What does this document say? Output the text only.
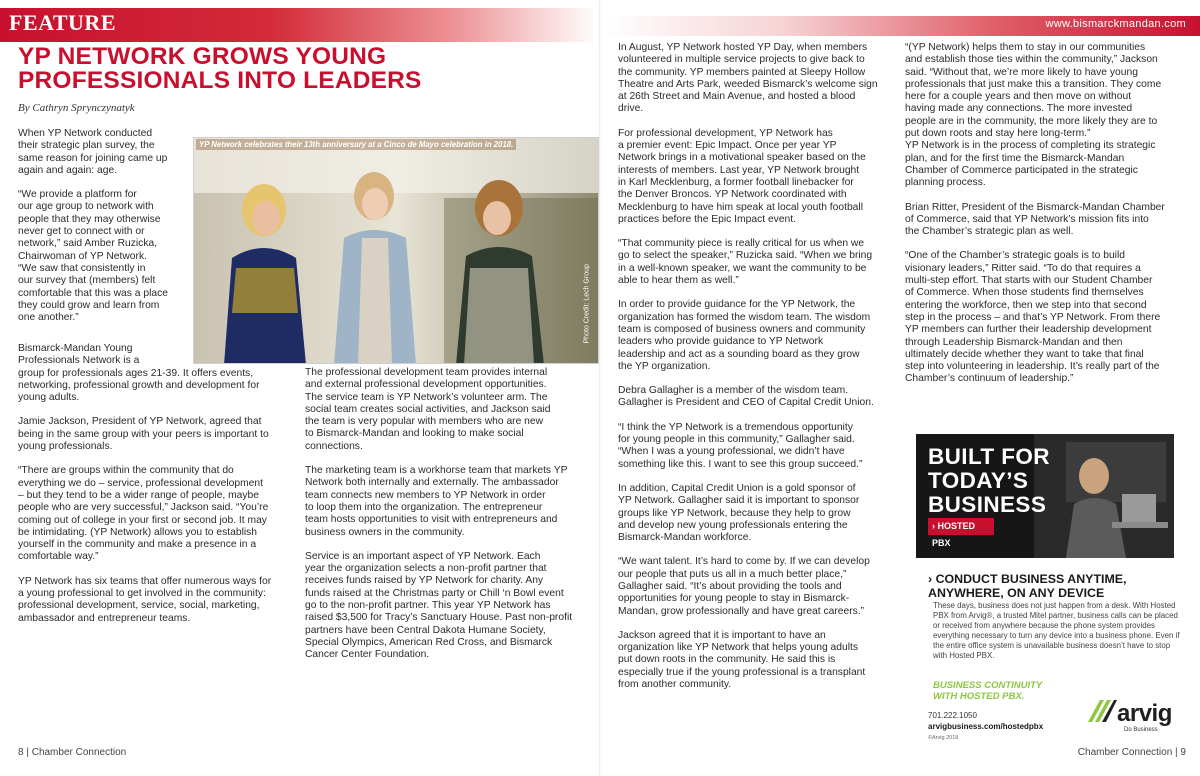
FEATURE	www.bismarckmandan.com
YP NETWORK GROWS YOUNG
PROFESSIONALS INTO LEADERS
By Cathryn Sprynczynatyk

When YP Network conducted
their strategic plan survey, the
same reason for joining came up
again and again: age.

“We provide a platform for
our age group to network with
people that they may otherwise
never get to connect with or
network,” said Amber Ruzicka,
Chairwoman of YP Network.
“We saw that consistently in
our survey that (members) felt
comfortable that this was a place
they could grow and learn from
one another.”

YP Network celebrates their 13th anniversary at a Cinco de Mayo celebration in 2018.
Photo Credit: Lech Group

Bismarck-Mandan Young
Professionals Network is a
group for professionals ages 21-39. It offers events,
networking, professional growth and development for
young adults.

Jamie Jackson, President of YP Network, agreed that
being in the same group with your peers is important to
young professionals.

“There are groups within the community that do
everything we do – service, professional development
– but they tend to be a wider range of people, maybe
people who are very successful,” Jackson said. “You’re
coming out of college in your first or second job. It may
be intimidating. (YP Network) allows you to establish
yourself in the community and make a presence in a
comfortable way.”

YP Network has six teams that offer numerous ways for
a young professional to get involved in the community:
professional development, service, social, marketing,
ambassador and entrepreneur teams.

The professional development team provides internal
and external professional development opportunities.
The service team is YP Network’s volunteer arm. The
social team creates social activities, and Jackson said
the team is very popular with members who are new
to Bismarck-Mandan and looking to make social
connections.

The marketing team is a workhorse team that markets YP
Network both internally and externally. The ambassador
team connects new members to YP Network in order
to loop them into the organization. The entrepreneur
team hosts opportunities to visit with entrepreneurs and
business owners in the community.

Service is an important aspect of YP Network. Each
year the organization selects a non-profit partner that
receives funds raised by YP Network for charity. Any
funds raised at the Christmas party or Chill ‘n Bowl event
go to the non-profit partner. This year YP Network has
raised $3,500 for Tracy’s Sanctuary House. Past non-profit
partners have been Central Dakota Humane Society,
Special Olympics, American Red Cross, and Bismarck
Cancer Center Foundation.

In August, YP Network hosted YP Day, when members
volunteered in multiple service projects to give back to
the community. YP members painted at Sleepy Hollow
Theatre and Arts Park, weeded Bismarck’s welcome sign
at 26th Street and Main Avenue, and hosted a blood
drive.

For professional development, YP Network has
a premier event: Epic Impact. Once per year YP
Network brings in a motivational speaker based on the
interests of members. Last year, YP Network brought
in Karl Mecklenburg, a former football linebacker for
the Denver Broncos. YP Network coordinated with
Mecklenburg to have him speak at local youth football
practices before the Epic Impact event.

“That community piece is really critical for us when we
go to select the speaker,” Ruzicka said. “When we bring
in a well-known speaker, we want the community to be
able to hear them as well.”

In order to provide guidance for the YP Network, the
organization has formed the wisdom team. The wisdom
team is composed of business owners and community
leaders who provide guidance to YP Network
leadership and act as a sounding board as they grow
the YP organization.

Debra Gallagher is a member of the wisdom team.
Gallagher is President and CEO of Capital Credit Union.

“I think the YP Network is a tremendous opportunity
for young people in this community,” Gallagher said.
“When I was a young professional, we didn’t have
something like this. I want to see this group succeed.”

In addition, Capital Credit Union is a gold sponsor of
YP Network. Gallagher said it is important to sponsor
groups like YP Network, because they help to grow
and develop new young professionals entering the
Bismarck-Mandan workforce.

“We want talent. It’s hard to come by. If we can develop
our people that puts us all in a much better place,”
Gallagher said. “It’s about providing the tools and
opportunities for young people to stay in Bismarck-
Mandan, grow professionally and have great careers.”

Jackson agreed that it is important to have an
organization like YP Network that helps young adults
put down roots in the community. He said this is
especially true if the young professional is a transplant
from another community.

“(YP Network) helps them to stay in our communities
and establish those ties within the community,” Jackson
said. “Without that, we’re more likely to have young
professionals that just make this a transition. They come
here for a couple years and then move on without
having made any connections. The more invested
people are in the community, the more likely they are to
put down roots and stay here long-term.”
YP Network is in the process of completing its strategic
plan, and for the first time the Bismarck-Mandan
Chamber of Commerce participated in the strategic
planning process.

Brian Ritter, President of the Bismarck-Mandan Chamber
of Commerce, said that YP Network’s mission fits into
the Chamber’s strategic plan as well.

“One of the Chamber’s strategic goals is to build
visionary leaders,” Ritter said. “To do that requires a
multi-step effort. That starts with our Student Chamber
of Commerce. When those students find themselves
entering the workforce, then we step into that second
step in the process – and that’s YP Network. From there
YP members can further their leadership development
through Leadership Bismarck-Mandan and then
ultimately decide whether they want to take that final
step into volunteering in leadership. It’s really part of the
Chamber’s continuum of leadership.”

BUILT FOR
TODAY’S
BUSINESS
› HOSTED PBX
› CONDUCT BUSINESS ANYTIME,
ANYWHERE, ON ANY DEVICE
These days, business does not just happen from a desk. With Hosted PBX from Arvig®, a trusted Mitel partner, business calls can be placed or received from anywhere because the phone system provides everything necessary to turn any device into a business phone. Even if the entire office system is unavailable business doesn’t have to stop with Hosted PBX.
BUSINESS CONTINUITY
WITH HOSTED PBX.
701.222.1050
arvigbusiness.com/hostedpbx
©Arvig 2018
arvig
Do Business
8 | Chamber Connection	Chamber Connection | 9
